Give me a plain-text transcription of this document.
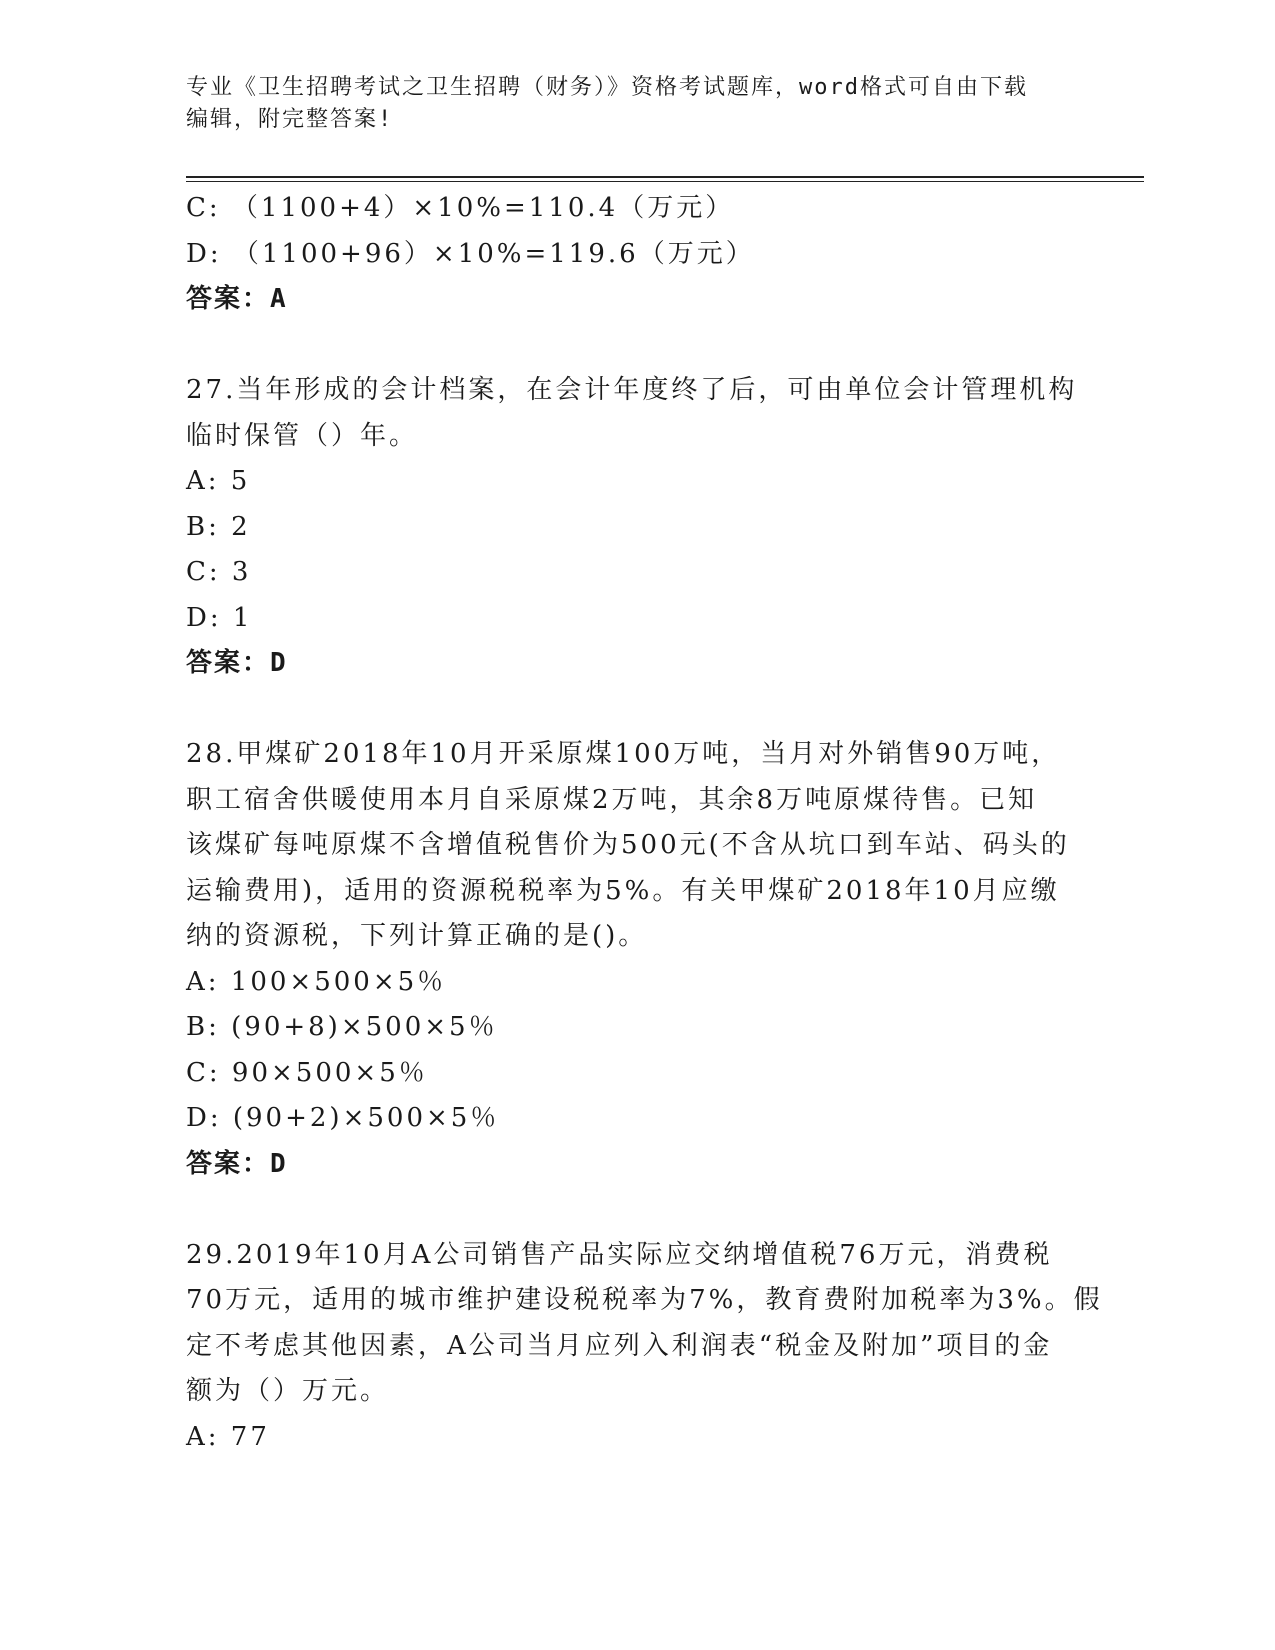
专业《卫生招聘考试之卫生招聘（财务）》资格考试题库，word格式可自由下载
编辑，附完整答案!
C: （1100+4）×10%=110.4（万元）
D: （1100+96）×10%=119.6（万元）
答案：A
27.当年形成的会计档案，在会计年度终了后，可由单位会计管理机构
临时保管（）年。
A: 5
B: 2
C: 3
D: 1
答案：D
28.甲煤矿2018年10月开采原煤100万吨，当月对外销售90万吨，
职工宿舍供暖使用本月自采原煤2万吨，其余8万吨原煤待售。已知
该煤矿每吨原煤不含增值税售价为500元(不含从坑口到车站、码头的
运输费用)，适用的资源税税率为5%。有关甲煤矿2018年10月应缴
纳的资源税，下列计算正确的是()。
A: 100×500×5％
B: (90+8)×500×5％
C: 90×500×5％
D: (90+2)×500×5％
答案：D
29.2019年10月A公司销售产品实际应交纳增值税76万元，消费税
70万元，适用的城市维护建设税税率为7%，教育费附加税率为3%。假
定不考虑其他因素，A公司当月应列入利润表“税金及附加”项目的金
额为（）万元。
A: 77
